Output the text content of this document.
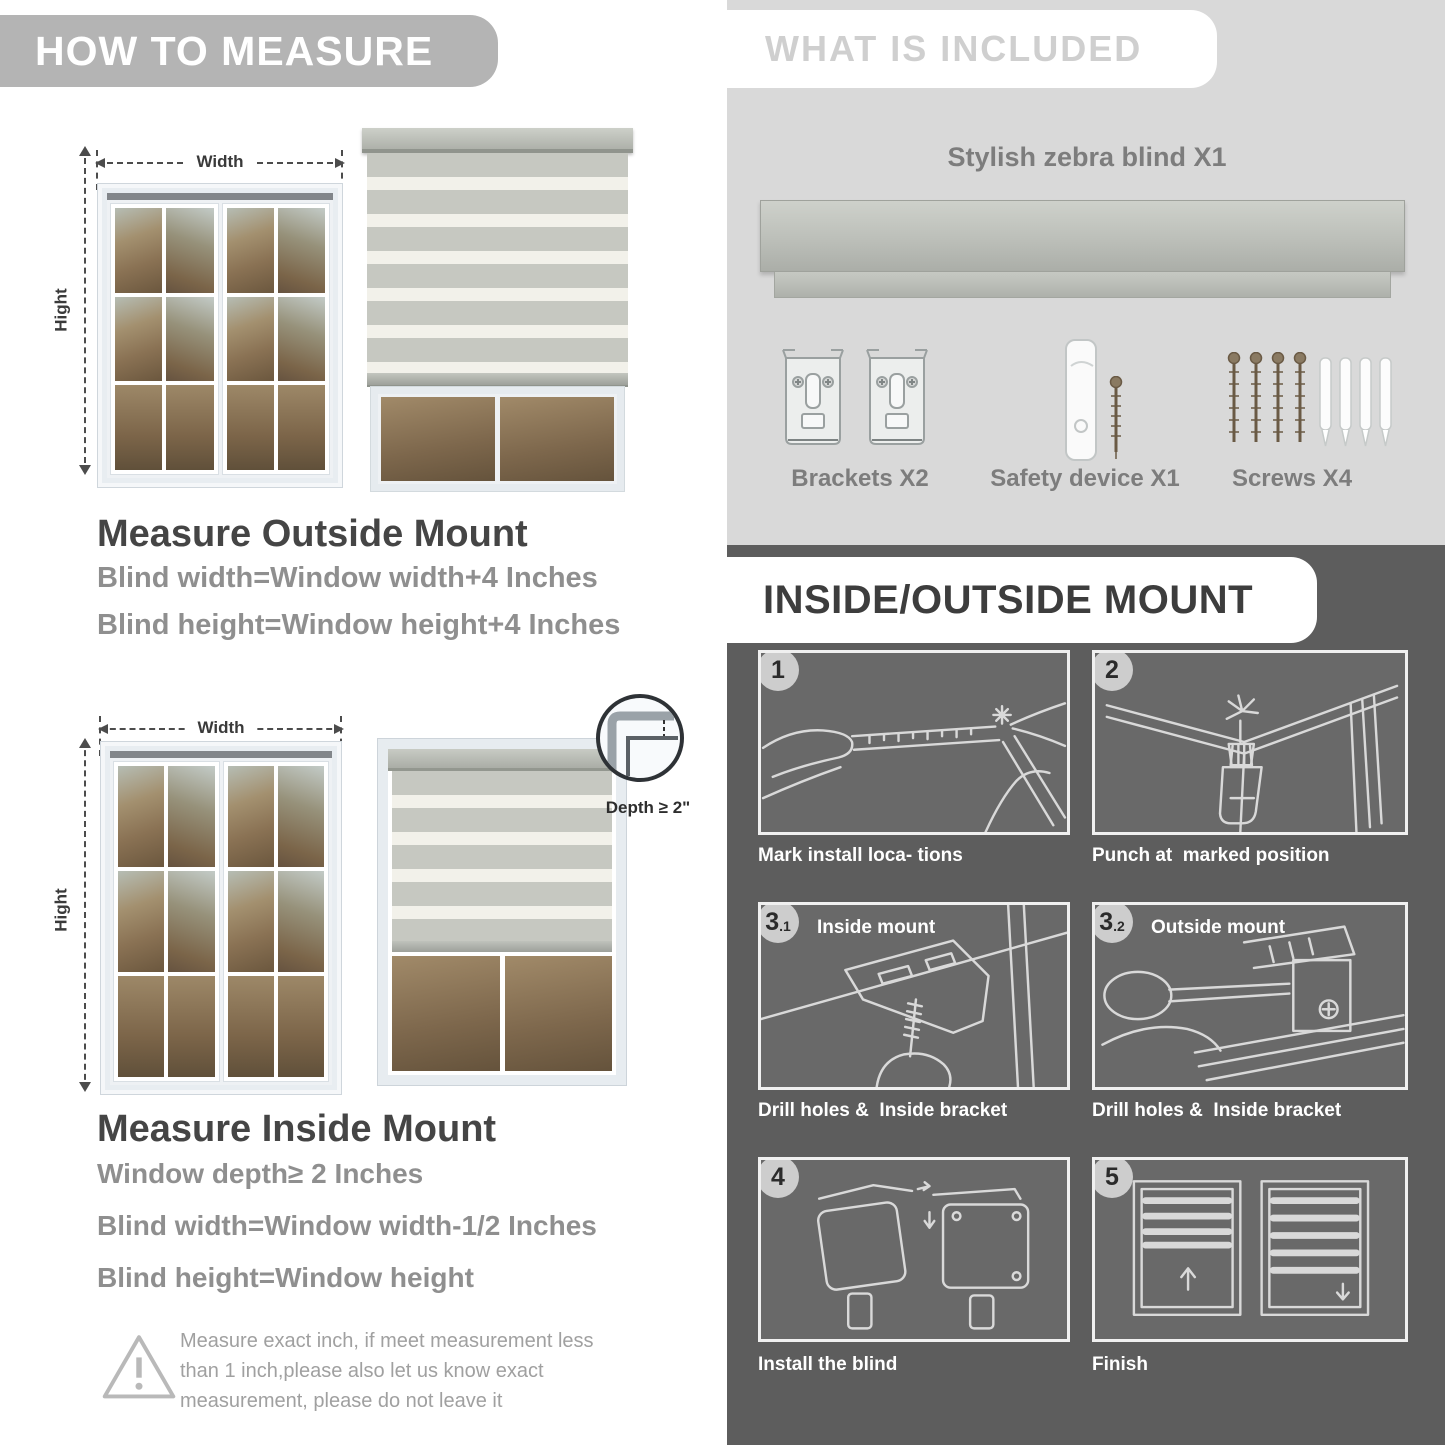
HOW TO MEASURE
Width
Hight
Measure Outside Mount
Blind width=Window width+4 Inches
Blind height=Window height+4 Inches
Width
Hight
Depth ≥ 2"
Measure Inside Mount
Window depth≥ 2 Inches
Blind width=Window width-1/2 Inches
Blind height=Window height
Measure exact inch, if meet measurement less than 1 inch,please also let us know exact measurement, please do not leave it
WHAT IS INCLUDED
Stylish zebra blind X1
Brackets X2	Safety device X1	Screws X4
INSIDE/OUTSIDE MOUNT
1
Mark install loca- tions
2
Punch at  marked position
3 .1 Inside mount
Drill holes &  Inside bracket
3 .2 Outside mount
Drill holes &  Inside bracket
4
Install the blind
5
Finish
